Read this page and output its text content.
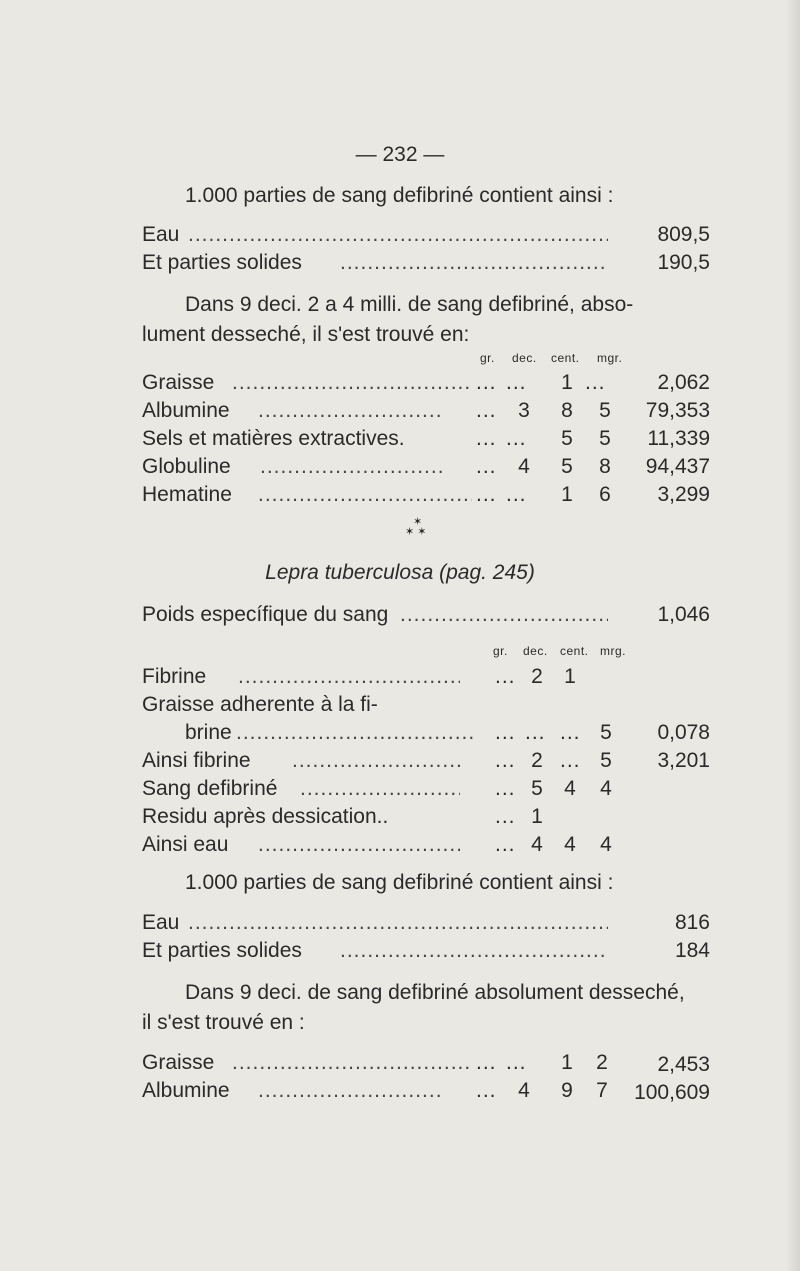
— 232 —
1.000 parties de sang defibriné contient ainsi :
Eau .....	809,5
Et parties solides .....	190,5
Dans 9 deci. 2 a 4 milli. de sang defibriné, abso-
lument desseché, il s'est trouvé en:
gr. dec. cent. mgr.
Graisse .....	... ... 1 ...	2,062
Albumine .....	... 3 8 5	79,353
Sels et matières extractives.	... ... 5 5	11,339
Globuline .....	... 4 5 8	94,437
Hematine .....	... ... 1 6	3,299
✶
✶ ✶
Lepra tuberculosa (pag. 245)
Poids específique du sang .....	1,046
gr. dec. cent. mrg.
Fibrine .....	... 2 1
Graisse adherente à la fi-
brine .....	... ... ... 5	0,078
Ainsi fibrine .....	... 2 ... 5	3,201
Sang defibriné .....	... 5 4 4
Residu après dessication..	... 1
Ainsi eau .....	... 4 4 4
1.000 parties de sang defibriné contient ainsi :
Eau .....	816
Et parties solides .....	184
Dans 9 deci. de sang defibriné absolument desseché,
il s'est trouvé en :
Graisse .....	... ... 1 2	2,453
Albumine .....	... 4 9 7	100,609
